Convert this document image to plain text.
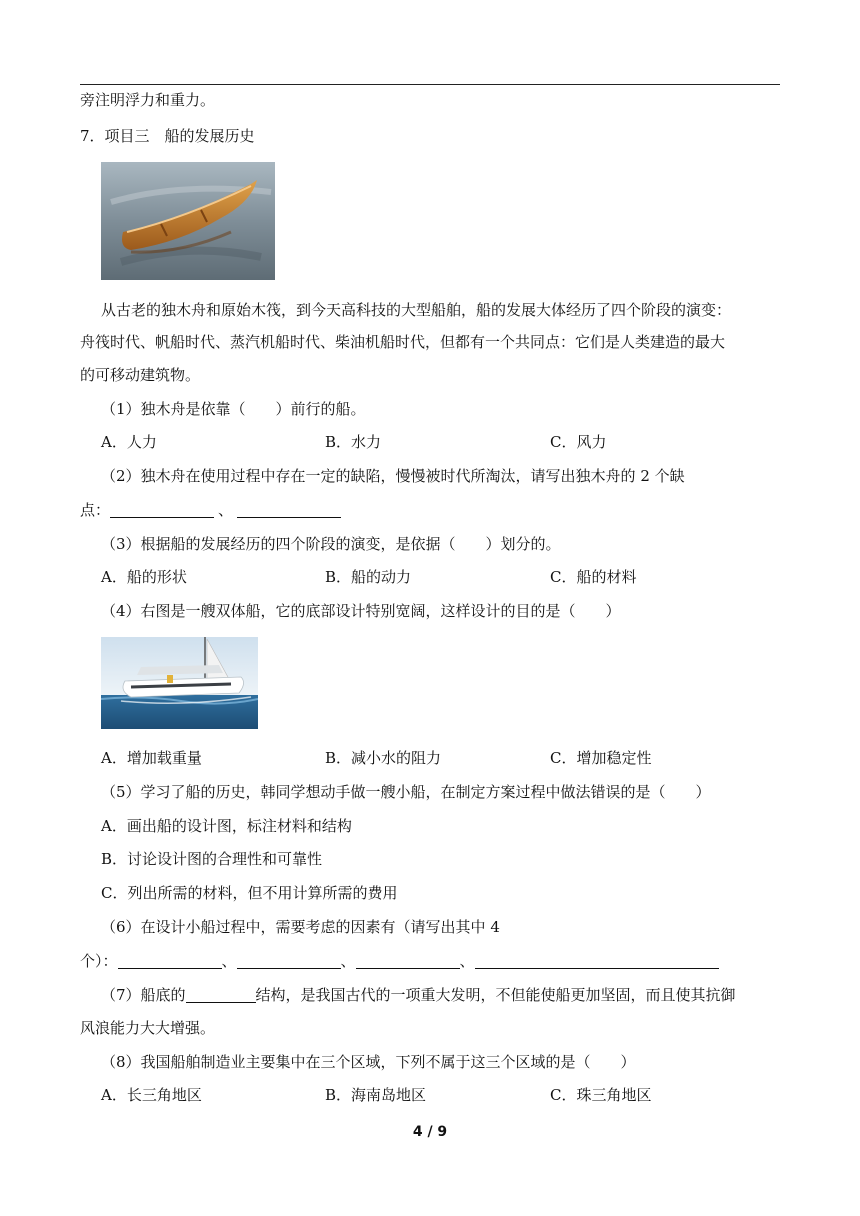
旁注明浮力和重力。
7．项目三　船的发展历史
从古老的独木舟和原始木筏，到今天高科技的大型船舶，船的发展大体经历了四个阶段的演变：
舟筏时代、帆船时代、蒸汽机船时代、柴油机船时代，但都有一个共同点：它们是人类建造的最大
的可移动建筑物。
（1）独木舟是依靠（　　）前行的船。
A．人力	B．水力	C．风力
（2）独木舟在使用过程中存在一定的缺陷，慢慢被时代所淘汰，请写出独木舟的 2 个缺
点：	、
（3）根据船的发展经历的四个阶段的演变，是依据（　　）划分的。
A．船的形状	B．船的动力	C．船的材料
（4）右图是一艘双体船，它的底部设计特别宽阔，这样设计的目的是（　　）
A．增加载重量	B．减小水的阻力	C．增加稳定性
（5）学习了船的历史，韩同学想动手做一艘小船，在制定方案过程中做法错误的是（　　）
A．画出船的设计图，标注材料和结构
B．讨论设计图的合理性和可靠性
C．列出所需的材料，但不用计算所需的费用
（6）在设计小船过程中，需要考虑的因素有（请写出其中 4
个）：	、	、	、
（7）船底的	结构，是我国古代的一项重大发明，不但能使船更加坚固，而且使其抗御
风浪能力大大增强。
（8）我国船舶制造业主要集中在三个区域，下列不属于这三个区域的是（　　）
A．长三角地区	B．海南岛地区	C．珠三角地区
4 / 9
